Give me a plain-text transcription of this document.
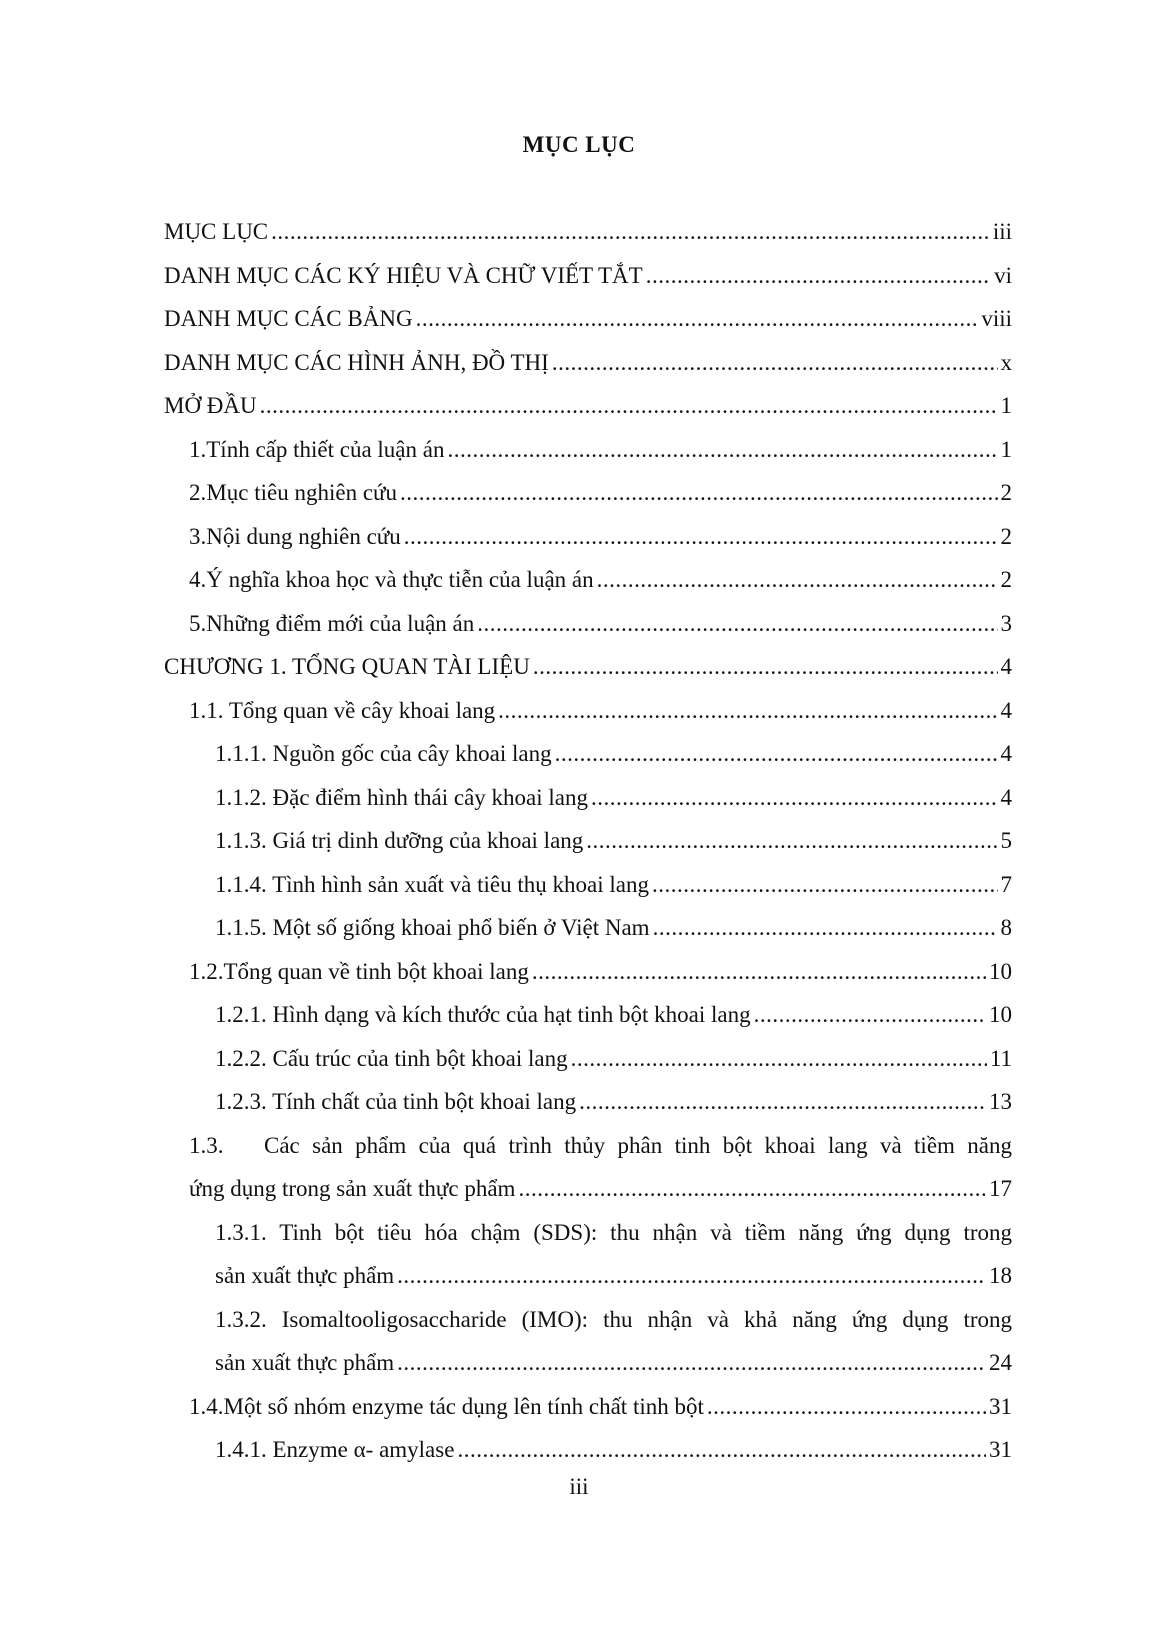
MỤC LỤC
MỤC LỤC .....	iii
DANH MỤC CÁC KÝ HIỆU VÀ CHỮ VIẾT TẮT .....	vi
DANH MỤC CÁC BẢNG .....	viii
DANH MỤC CÁC HÌNH ẢNH, ĐỒ THỊ .....	x
MỞ ĐẦU .....	1
1. Tính cấp thiết của luận án .....	1
2. Mục tiêu nghiên cứu .....	2
3. Nội dung nghiên cứu .....	2
4. Ý nghĩa khoa học và thực tiễn của luận án .....	2
5. Những điểm mới của luận án .....	3
CHƯƠNG 1. TỔNG QUAN TÀI LIỆU .....	4
1.1. Tổng quan về cây khoai lang .....	4
1.1.1. Nguồn gốc của cây khoai lang .....	4
1.1.2. Đặc điểm hình thái cây khoai lang .....	4
1.1.3. Giá trị dinh dưỡng của khoai lang .....	5
1.1.4. Tình hình sản xuất và tiêu thụ khoai lang .....	7
1.1.5. Một số giống khoai phổ biến ở Việt Nam .....	8
1.2. Tổng quan về tinh bột khoai lang .....	10
1.2.1. Hình dạng và kích thước của hạt tinh bột khoai lang .....	10
1.2.2. Cấu trúc của tinh bột khoai lang .....	11
1.2.3. Tính chất của tinh bột khoai lang .....	13
1.3.	Các sản phẩm của quá trình thủy phân tinh bột khoai lang và tiềm năng
ứng dụng trong sản xuất thực phẩm .....	17
1.3.1. Tinh bột tiêu hóa chậm (SDS): thu nhận và tiềm năng ứng dụng trong
sản xuất thực phẩm .....	18
1.3.2. Isomaltooligosaccharide (IMO): thu nhận và khả năng ứng dụng trong
sản xuất thực phẩm .....	24
1.4. Một số nhóm enzyme tác dụng lên tính chất tinh bột .....	31
1.4.1. Enzyme α- amylase .....	31
iii
